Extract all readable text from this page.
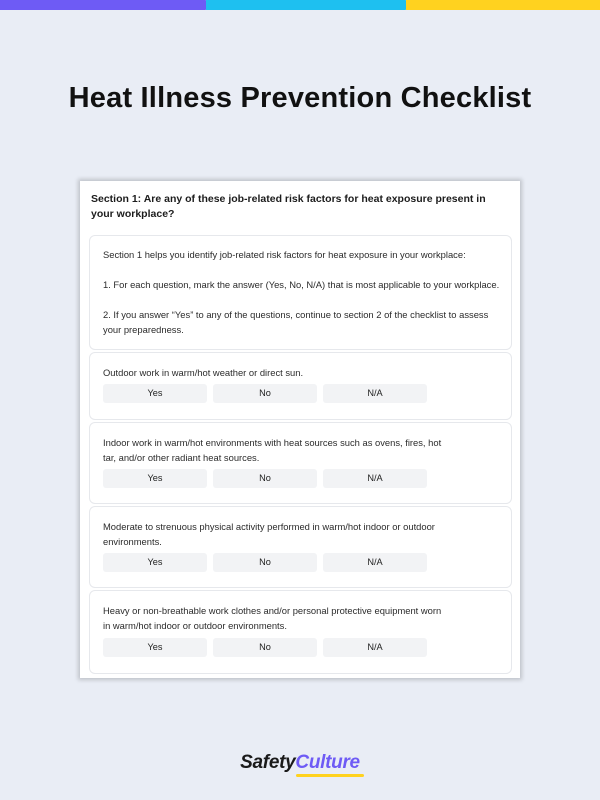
Heat Illness Prevention Checklist
Section 1: Are any of these job-related risk factors for heat exposure present in your workplace?

Section 1 helps you identify job-related risk factors for heat exposure in your workplace:

1. For each question, mark the answer (Yes, No, N/A) that is most applicable to your workplace.

2. If you answer “Yes” to any of the questions, continue to section 2 of the checklist to assess your preparedness.

Outdoor work in warm/hot weather or direct sun.
Yes	No	N/A
Indoor work in warm/hot environments with heat sources such as ovens, fires, hot tar, and/or other radiant heat sources.
Yes	No	N/A
Moderate to strenuous physical activity performed in warm/hot indoor or outdoor environments.
Yes	No	N/A
Heavy or non-breathable work clothes and/or personal protective equipment worn in warm/hot indoor or outdoor environments.
Yes	No	N/A
SafetyCulture
